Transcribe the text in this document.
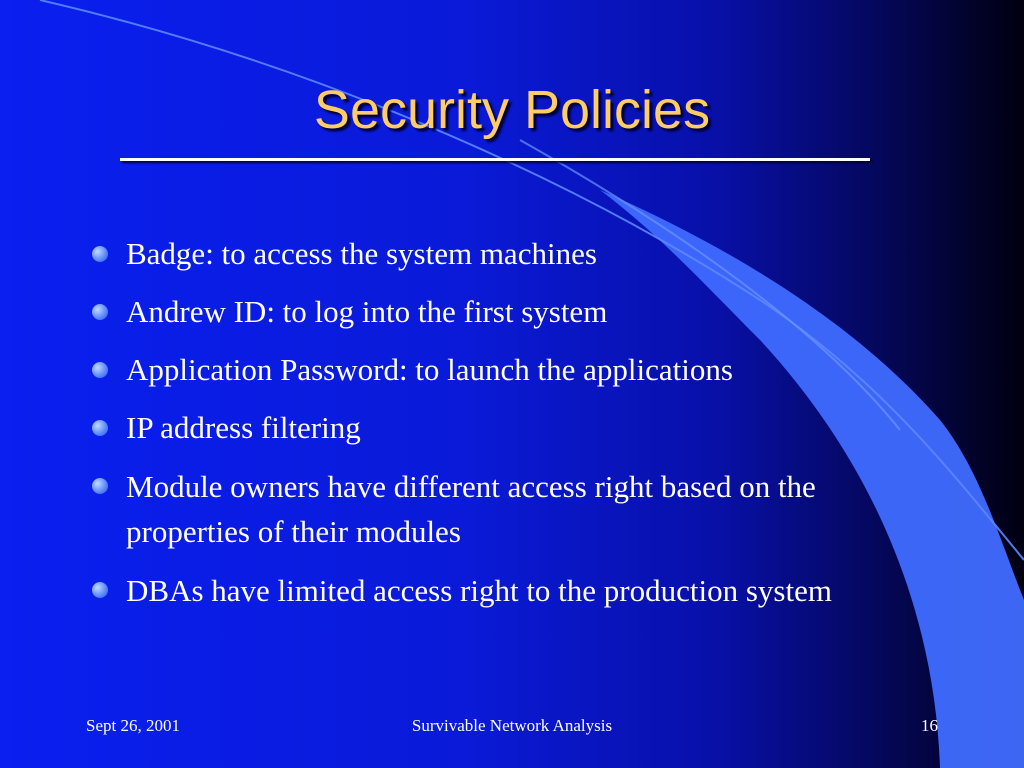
Security Policies
Badge: to access the system machines
Andrew ID: to log into the first system
Application Password: to launch the applications
IP address filtering
Module owners have different access right based on the properties of their modules
DBAs have limited access right to the production system
Sept 26, 2001	Survivable Network Analysis	16
